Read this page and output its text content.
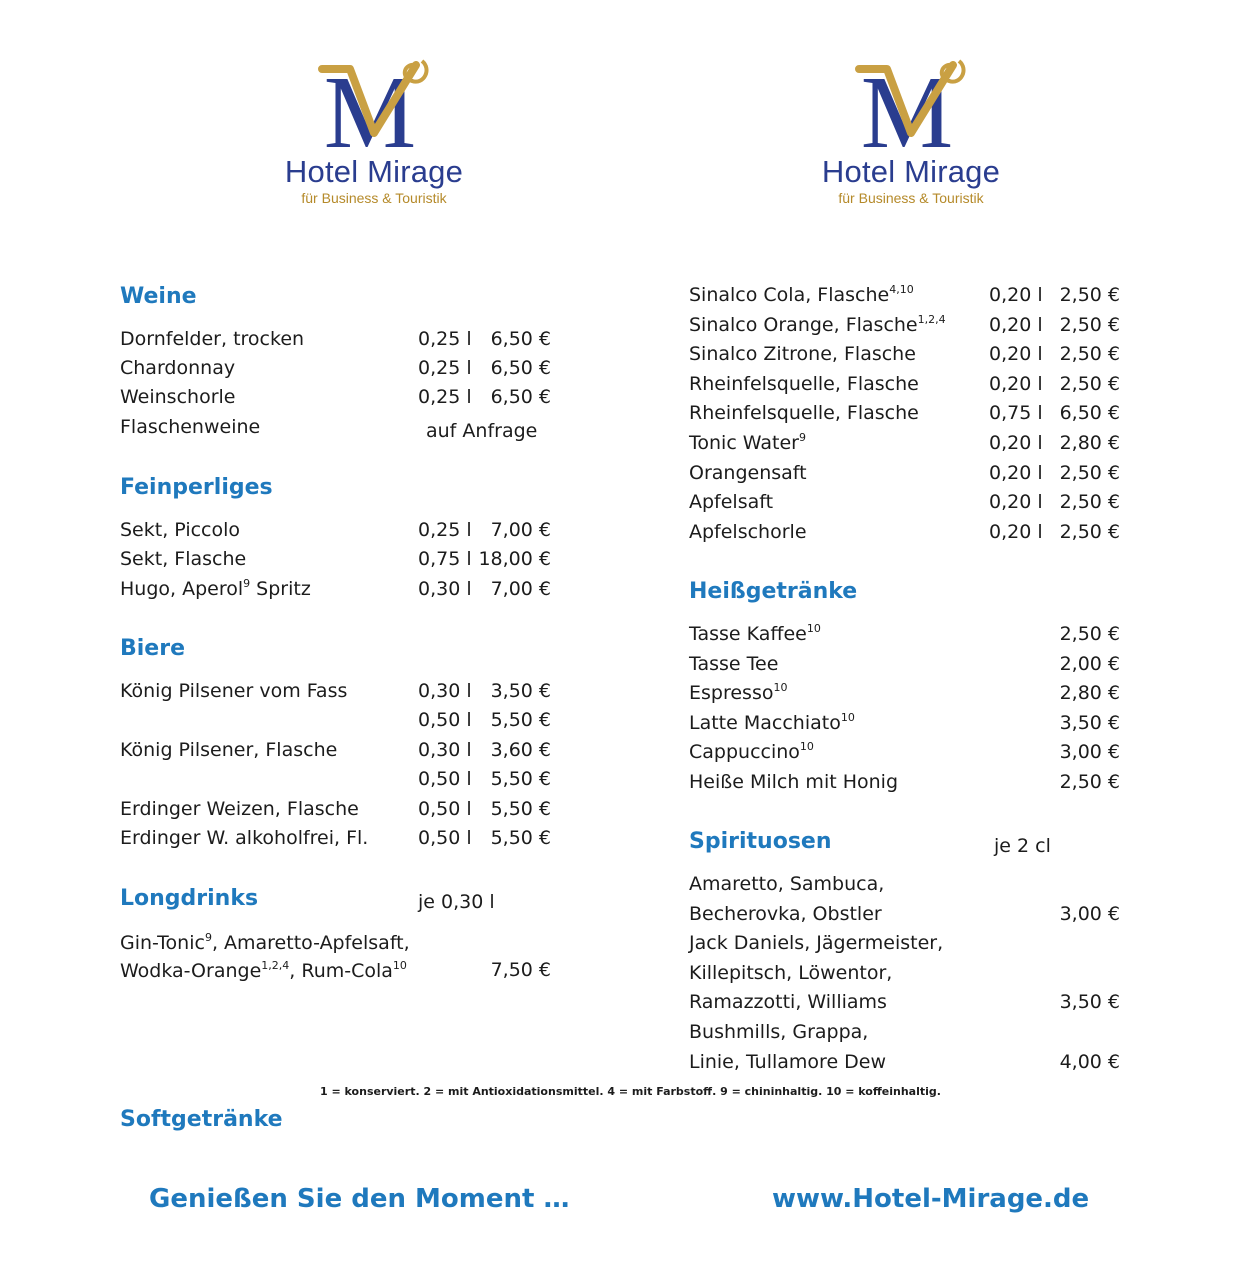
M
Hotel Mirage
für Business & Touristik
M
Hotel Mirage
für Business & Touristik
Weine
Dornfelder, trocken	0,25 l 6,50 €
Chardonnay	0,25 l 6,50 €
Weinschorle	0,25 l 6,50 €
Flaschenweine	auf Anfrage
Feinperliges
Sekt, Piccolo	0,25 l 7,00 €
Sekt, Flasche	0,75 l 18,00 €
Hugo, Aperol$^9$ Spritz	0,30 l 7,00 €
Biere
König Pilsener vom Fass	0,30 l 3,50 €
0,50 l 5,50 €
König Pilsener, Flasche	0,30 l 3,60 €
0,50 l 5,50 €
Erdinger Weizen, Flasche	0,50 l 5,50 €
Erdinger W. alkoholfrei, Fl.	0,50 l 5,50 €
Longdrinks	je 0,30 l
Gin-Tonic$^9$, Amaretto-Apfelsaft,
Wodka-Orange$^{1,2,4}$, Rum-Cola$^{10}$	7,50 €
Softgetränke
Sinalco Cola, Flasche$^{4,10}$	0,20 l 2,50 €
Sinalco Orange, Flasche$^{1,2,4}$ 0,20 l 2,50 €
Sinalco Zitrone, Flasche	0,20 l 2,50 €
Rheinfelsquelle, Flasche	0,20 l 2,50 €
Rheinfelsquelle, Flasche	0,75 l 6,50 €
Tonic Water$^9$	0,20 l 2,80 €
Orangensaft	0,20 l 2,50 €
Apfelsaft	0,20 l 2,50 €
Apfelschorle	0,20 l 2,50 €
Heißgetränke
Tasse Kaffee$^{10}$	2,50 €
Tasse Tee	2,00 €
Espresso$^{10}$	2,80 €
Latte Macchiato$^{10}$	3,50 €
Cappuccino$^{10}$	3,00 €
Heiße Milch mit Honig	2,50 €
Spirituosen	je 2 cl
Amaretto, Sambuca,
Becherovka, Obstler	3,00 €
Jack Daniels, Jägermeister,
Killepitsch, Löwentor,
Ramazzotti, Williams	3,50 €
Bushmills, Grappa,
Linie, Tullamore Dew	4,00 €
1 = konserviert. 2 = mit Antioxidationsmittel. 4 = mit Farbstoff. 9 = chininhaltig. 10 = koffeinhaltig.
Genießen Sie den Moment …	www.Hotel-Mirage.de
